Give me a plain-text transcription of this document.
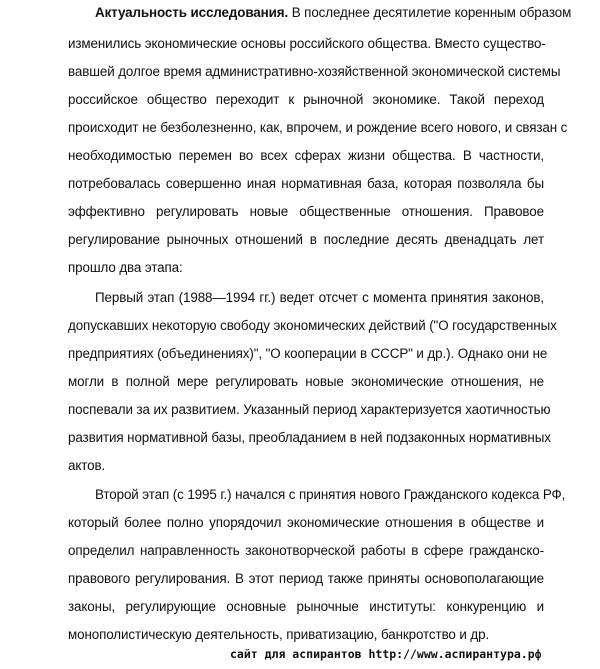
Актуальность исследования. В последнее десятилетие коренным образом
изменились экономические основы российского общества. Вместо существо-
вавшей долгое время административно-хозяйственной экономической системы
российское общество переходит к рыночной экономике. Такой переход
происходит не безболезненно, как, впрочем, и рождение всего нового, и связан с
необходимостью перемен во всех сферах жизни общества. В частности,
потребовалась совершенно иная нормативная база, которая позволяла бы
эффективно регулировать новые общественные отношения. Правовое
регулирование рыночных отношений в последние десять двенадцать лет
прошло два этапа:
Первый этап (1988—1994 гг.) ведет отсчет с момента принятия законов,
допускавших некоторую свободу экономических действий ("О государственных
предприятиях (объединениях)", "О кооперации в СССР" и др.). Однако они не
могли в полной мере регулировать новые экономические отношения, не
поспевали за их развитием. Указанный период характеризуется хаотичностью
развития нормативной базы, преобладанием в ней подзаконных нормативных
актов.
Второй этап (с 1995 г.) начался с принятия нового Гражданского кодекса РФ,
который более полно упорядочил экономические отношения в обществе и
определил направленность законотворческой работы в сфере гражданско-
правового регулирования. В этот период также приняты основополагающие
законы, регулирующие основные рыночные институты: конкуренцию и
монополистическую деятельность, приватизацию, банкротство и др.
сайт для аспирантов http://www.аспирантура.рф
